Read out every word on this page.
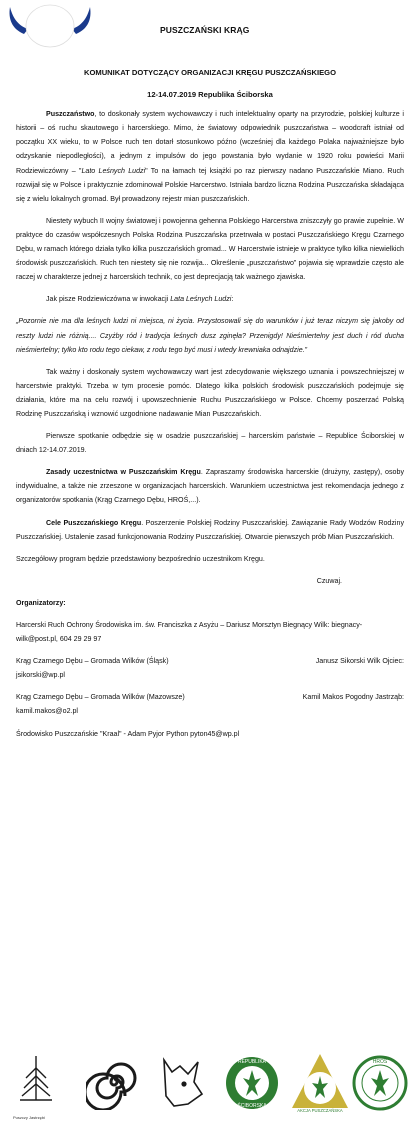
PUSZCZAŃSKI KRĄG
KOMUNIKAT DOTYCZĄCY ORGANIZACJI KRĘGU PUSZCZAŃSKIEGO
12-14.07.2019 Republika Ściborska

Puszczaństwo, to doskonały system wychowawczy i ruch intelektualny oparty na przyrodzie, polskiej kulturze i historii – oś ruchu skautowego i harcerskiego. Mimo, że światowy odpowiednik puszczaństwa – woodcraft istniał od początku XX wieku, to w Polsce ruch ten dotarł stosunkowo późno (wcześniej dla każdego Polaka najważniejsze było odzyskanie niepodległości), a jednym z impulsów do jego powstania było wydanie w 1920 roku powieści Marii Rodziewiczówny – "Lato Leśnych Ludzi" To na łamach tej książki po raz pierwszy nadano Puszczańskie Miano. Ruch rozwijał się w Polsce i praktycznie zdominował Polskie Harcerstwo. Istniała bardzo liczna Rodzina Puszczańska składająca się z wielu lokalnych gromad. Był prowadzony rejestr mian puszczańskich.

Niestety wybuch II wojny światowej i powojenna gehenna Polskiego Harcerstwa zniszczyły go prawie zupełnie. W praktyce do czasów współczesnych Polska Rodzina Puszczańska przetrwała w postaci Puszczańskiego Kręgu Czarnego Dębu, w ramach którego działa tylko kilka puszczańskich gromad... W Harcerstwie istnieje w praktyce tylko kilka niewielkich środowisk puszczańskich. Ruch ten niestety się nie rozwija... Określenie „puszczaństwo” pojawia się wprawdzie często ale raczej w charakterze jednej z harcerskich technik, co jest deprecjacją tak ważnego zjawiska.

Jak pisze Rodziewiczówna w inwokacji Lata Leśnych Ludzi:

„Pozornie nie ma dla leśnych ludzi ni miejsca, ni życia. Przystosowali się do warunków i już teraz niczym się jakoby od reszty ludzi nie różnią.... Czyżby ród i tradycja leśnych dusz zginęła? Przenigdy! Nieśmiertelny jest duch i ród ducha nieśmiertelny; tylko kto rodu tego ciekaw, z rodu tego być musi i wtedy krewniaka odnajdzie.”

Tak ważny i doskonały system wychowawczy wart jest zdecydowanie większego uznania i powszechniejszej w harcerstwie praktyki. Trzeba w tym procesie pomóc. Dlatego kilka polskich środowisk puszczańskich podejmuje się działania, które ma na celu rozwój i upowszechnienie Ruchu Puszczańskiego w Polsce. Chcemy poszerzać Polską Rodzinę Puszczańską i wznowić uzgodnione nadawanie Mian Puszczańskich.

Pierwsze spotkanie odbędzie się w osadzie puszczańskiej – harcerskim państwie – Republice Ściborskiej w dniach 12-14.07.2019.

Zasady uczestnictwa w Puszczańskim Kręgu. Zapraszamy środowiska harcerskie (drużyny, zastępy), osoby indywidualne, a także nie zrzeszone w organizacjach harcerskich. Warunkiem uczestnictwa jest rekomendacja jednego z organizatorów spotkania (Krąg Czarnego Dębu, HROŚ,...).

Cele Puszczańskiego Kręgu. Poszerzenie Polskiej Rodziny Puszczańskiej. Zawiązanie Rady Wodzów Rodziny Puszczańskiej. Ustalenie zasad funkcjonowania Rodziny Puszczańskiej. Otwarcie pierwszych prób Mian Puszczańskich.

Szczegółowy program będzie przedstawiony bezpośrednio uczestnikom Kręgu.

Czuwaj.
Organizatorzy:

Harcerski Ruch Ochrony Środowiska im. św. Franciszka z Asyżu – Dariusz Morsztyn Biegnący Wilk: biegnacy-wilk@post.pl, 604 29 29 97

Krąg Czarnego Dębu – Gromada Wilków (Śląsk)	Janusz Sikorski Wilk Ojciec:
jsikorski@wp.pl
Krąg Czarnego Dębu – Gromada Wilków (Mazowsze)	Kamil Makos Pogodny Jastrząb:
kamil.makos@o2.pl

Środowisko Puszczańskie "Kraal" - Adam Pyjor Python pyton45@wp.pl

Puszczy Jastrzębi
REPUBLIKA
ŚCIBORSKA
AKCJA PUSZCZAŃSKA
HROŚ
